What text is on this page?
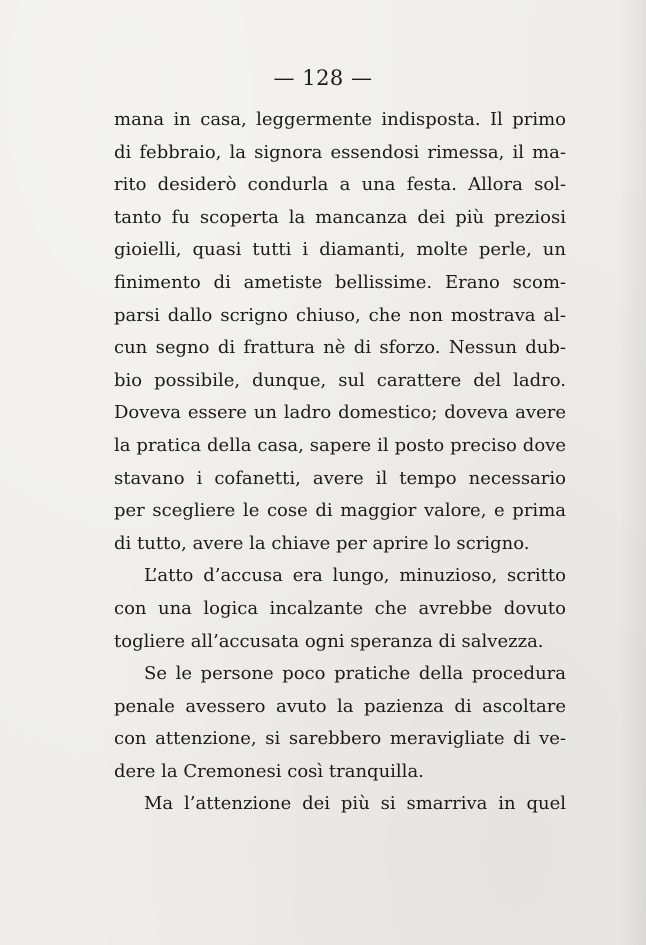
— 128 —
mana in casa, leggermente indisposta. Il primo
di febbraio, la signora essendosi rimessa, il ma-
rito desiderò condurla a una festa. Allora sol-
tanto fu scoperta la mancanza dei più preziosi
gioielli, quasi tutti i diamanti, molte perle, un
finimento di ametiste bellissime. Erano scom-
parsi dallo scrigno chiuso, che non mostrava al-
cun segno di frattura nè di sforzo. Nessun dub-
bio possibile, dunque, sul carattere del ladro.
Doveva essere un ladro domestico; doveva avere
la pratica della casa, sapere il posto preciso dove
stavano i cofanetti, avere il tempo necessario
per scegliere le cose di maggior valore, e prima
di tutto, avere la chiave per aprire lo scrigno.
L’atto d’accusa era lungo, minuzioso, scritto
con una logica incalzante che avrebbe dovuto
togliere all’accusata ogni speranza di salvezza.
Se le persone poco pratiche della procedura
penale avessero avuto la pazienza di ascoltare
con attenzione, si sarebbero meravigliate di ve-
dere la Cremonesi così tranquilla.
Ma l’attenzione dei più si smarriva in quel
